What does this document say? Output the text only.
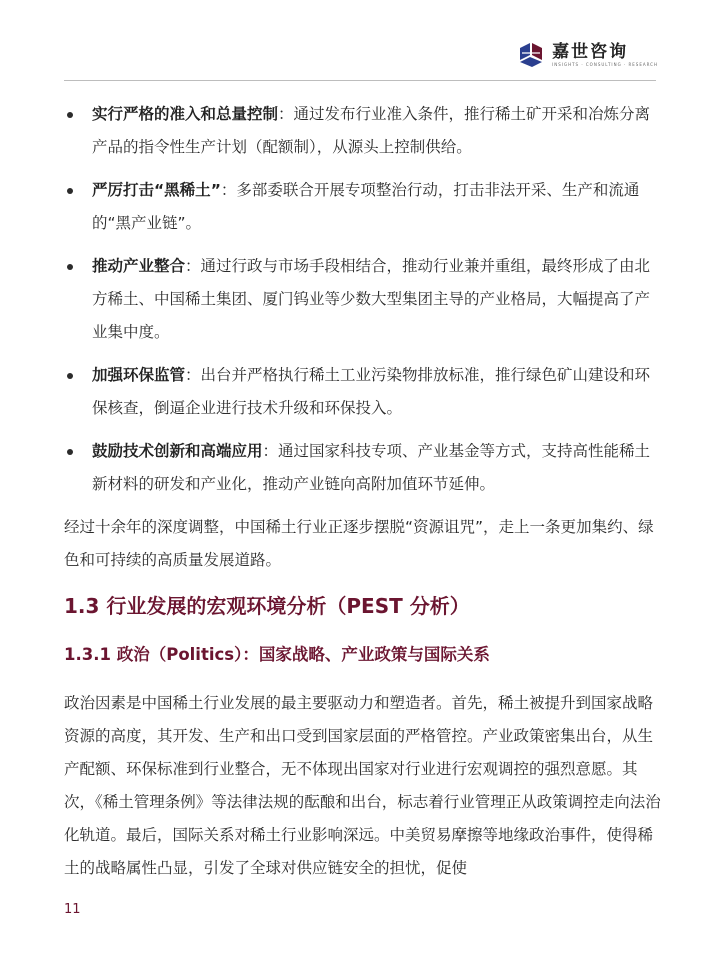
嘉世咨询
INSIGHTS · CONSULTING · RESEARCH
实行严格的准入和总量控制：通过发布行业准入条件，推行稀土矿开采和冶炼分离产品的指令性生产计划（配额制），从源头上控制供给。
严厉打击“黑稀土”：多部委联合开展专项整治行动，打击非法开采、生产和流通的“黑产业链”。
推动产业整合：通过行政与市场手段相结合，推动行业兼并重组，最终形成了由北方稀土、中国稀土集团、厦门钨业等少数大型集团主导的产业格局，大幅提高了产业集中度。
加强环保监管：出台并严格执行稀土工业污染物排放标准，推行绿色矿山建设和环保核查，倒逼企业进行技术升级和环保投入。
鼓励技术创新和高端应用：通过国家科技专项、产业基金等方式，支持高性能稀土新材料的研发和产业化，推动产业链向高附加值环节延伸。

经过十余年的深度调整，中国稀土行业正逐步摆脱“资源诅咒”，走上一条更加集约、绿色和可持续的高质量发展道路。

1.3 行业发展的宏观环境分析（PEST 分析）
1.3.1 政治（Politics）：国家战略、产业政策与国际关系

政治因素是中国稀土行业发展的最主要驱动力和塑造者。首先，稀土被提升到国家战略资源的高度，其开发、生产和出口受到国家层面的严格管控。产业政策密集出台，从生产配额、环保标准到行业整合，无不体现出国家对行业进行宏观调控的强烈意愿。其次，《稀土管理条例》等法律法规的酝酿和出台，标志着行业管理正从政策调控走向法治化轨道。最后，国际关系对稀土行业影响深远。中美贸易摩擦等地缘政治事件，使得稀土的战略属性凸显，引发了全球对供应链安全的担忧，促使

11
